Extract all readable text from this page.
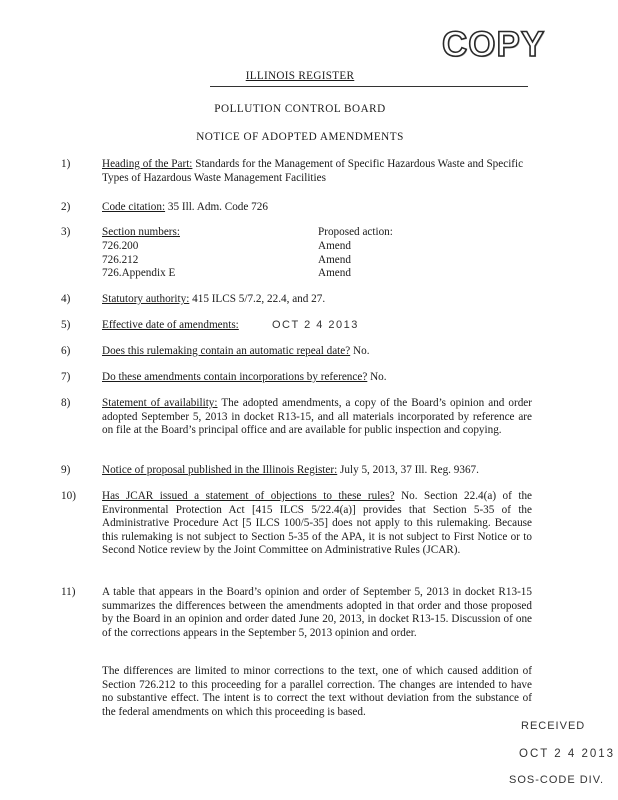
COPY
ILLINOIS REGISTER
POLLUTION CONTROL BOARD
NOTICE OF ADOPTED AMENDMENTS
1)	Heading of the Part: Standards for the Management of Specific Hazardous Waste and Specific Types of Hazardous Waste Management Facilities
2)	Code citation: 35 Ill. Adm. Code 726
3)	Section numbers:	Proposed action:
726.200	Amend
726.212	Amend
726.Appendix E	Amend
4)	Statutory authority: 415 ILCS 5/7.2, 22.4, and 27.
5)	Effective date of amendments:	OCT 2 4 2013
6)	Does this rulemaking contain an automatic repeal date? No.
7)	Do these amendments contain incorporations by reference? No.
8)	Statement of availability: The adopted amendments, a copy of the Board’s opinion and order adopted September 5, 2013 in docket R13-15, and all materials incorporated by reference are on file at the Board’s principal office and are available for public inspection and copying.
9)	Notice of proposal published in the Illinois Register: July 5, 2013, 37 Ill. Reg. 9367.
10) Has JCAR issued a statement of objections to these rules? No. Section 22.4(a) of the Environmental Protection Act [415 ILCS 5/22.4(a)] provides that Section 5-35 of the Administrative Procedure Act [5 ILCS 100/5-35] does not apply to this rulemaking. Because this rulemaking is not subject to Section 5-35 of the APA, it is not subject to First Notice or to Second Notice review by the Joint Committee on Administrative Rules (JCAR).
11) A table that appears in the Board’s opinion and order of September 5, 2013 in docket R13-15 summarizes the differences between the amendments adopted in that order and those proposed by the Board in an opinion and order dated June 20, 2013, in docket R13-15. Discussion of one of the corrections appears in the September 5, 2013 opinion and order.
The differences are limited to minor corrections to the text, one of which caused addition of Section 726.212 to this proceeding for a parallel correction. The changes are intended to have no substantive effect. The intent is to correct the text without deviation from the substance of the federal amendments on which this proceeding is based.
RECEIVED
OCT 2 4 2013
SOS-CODE DIV.
